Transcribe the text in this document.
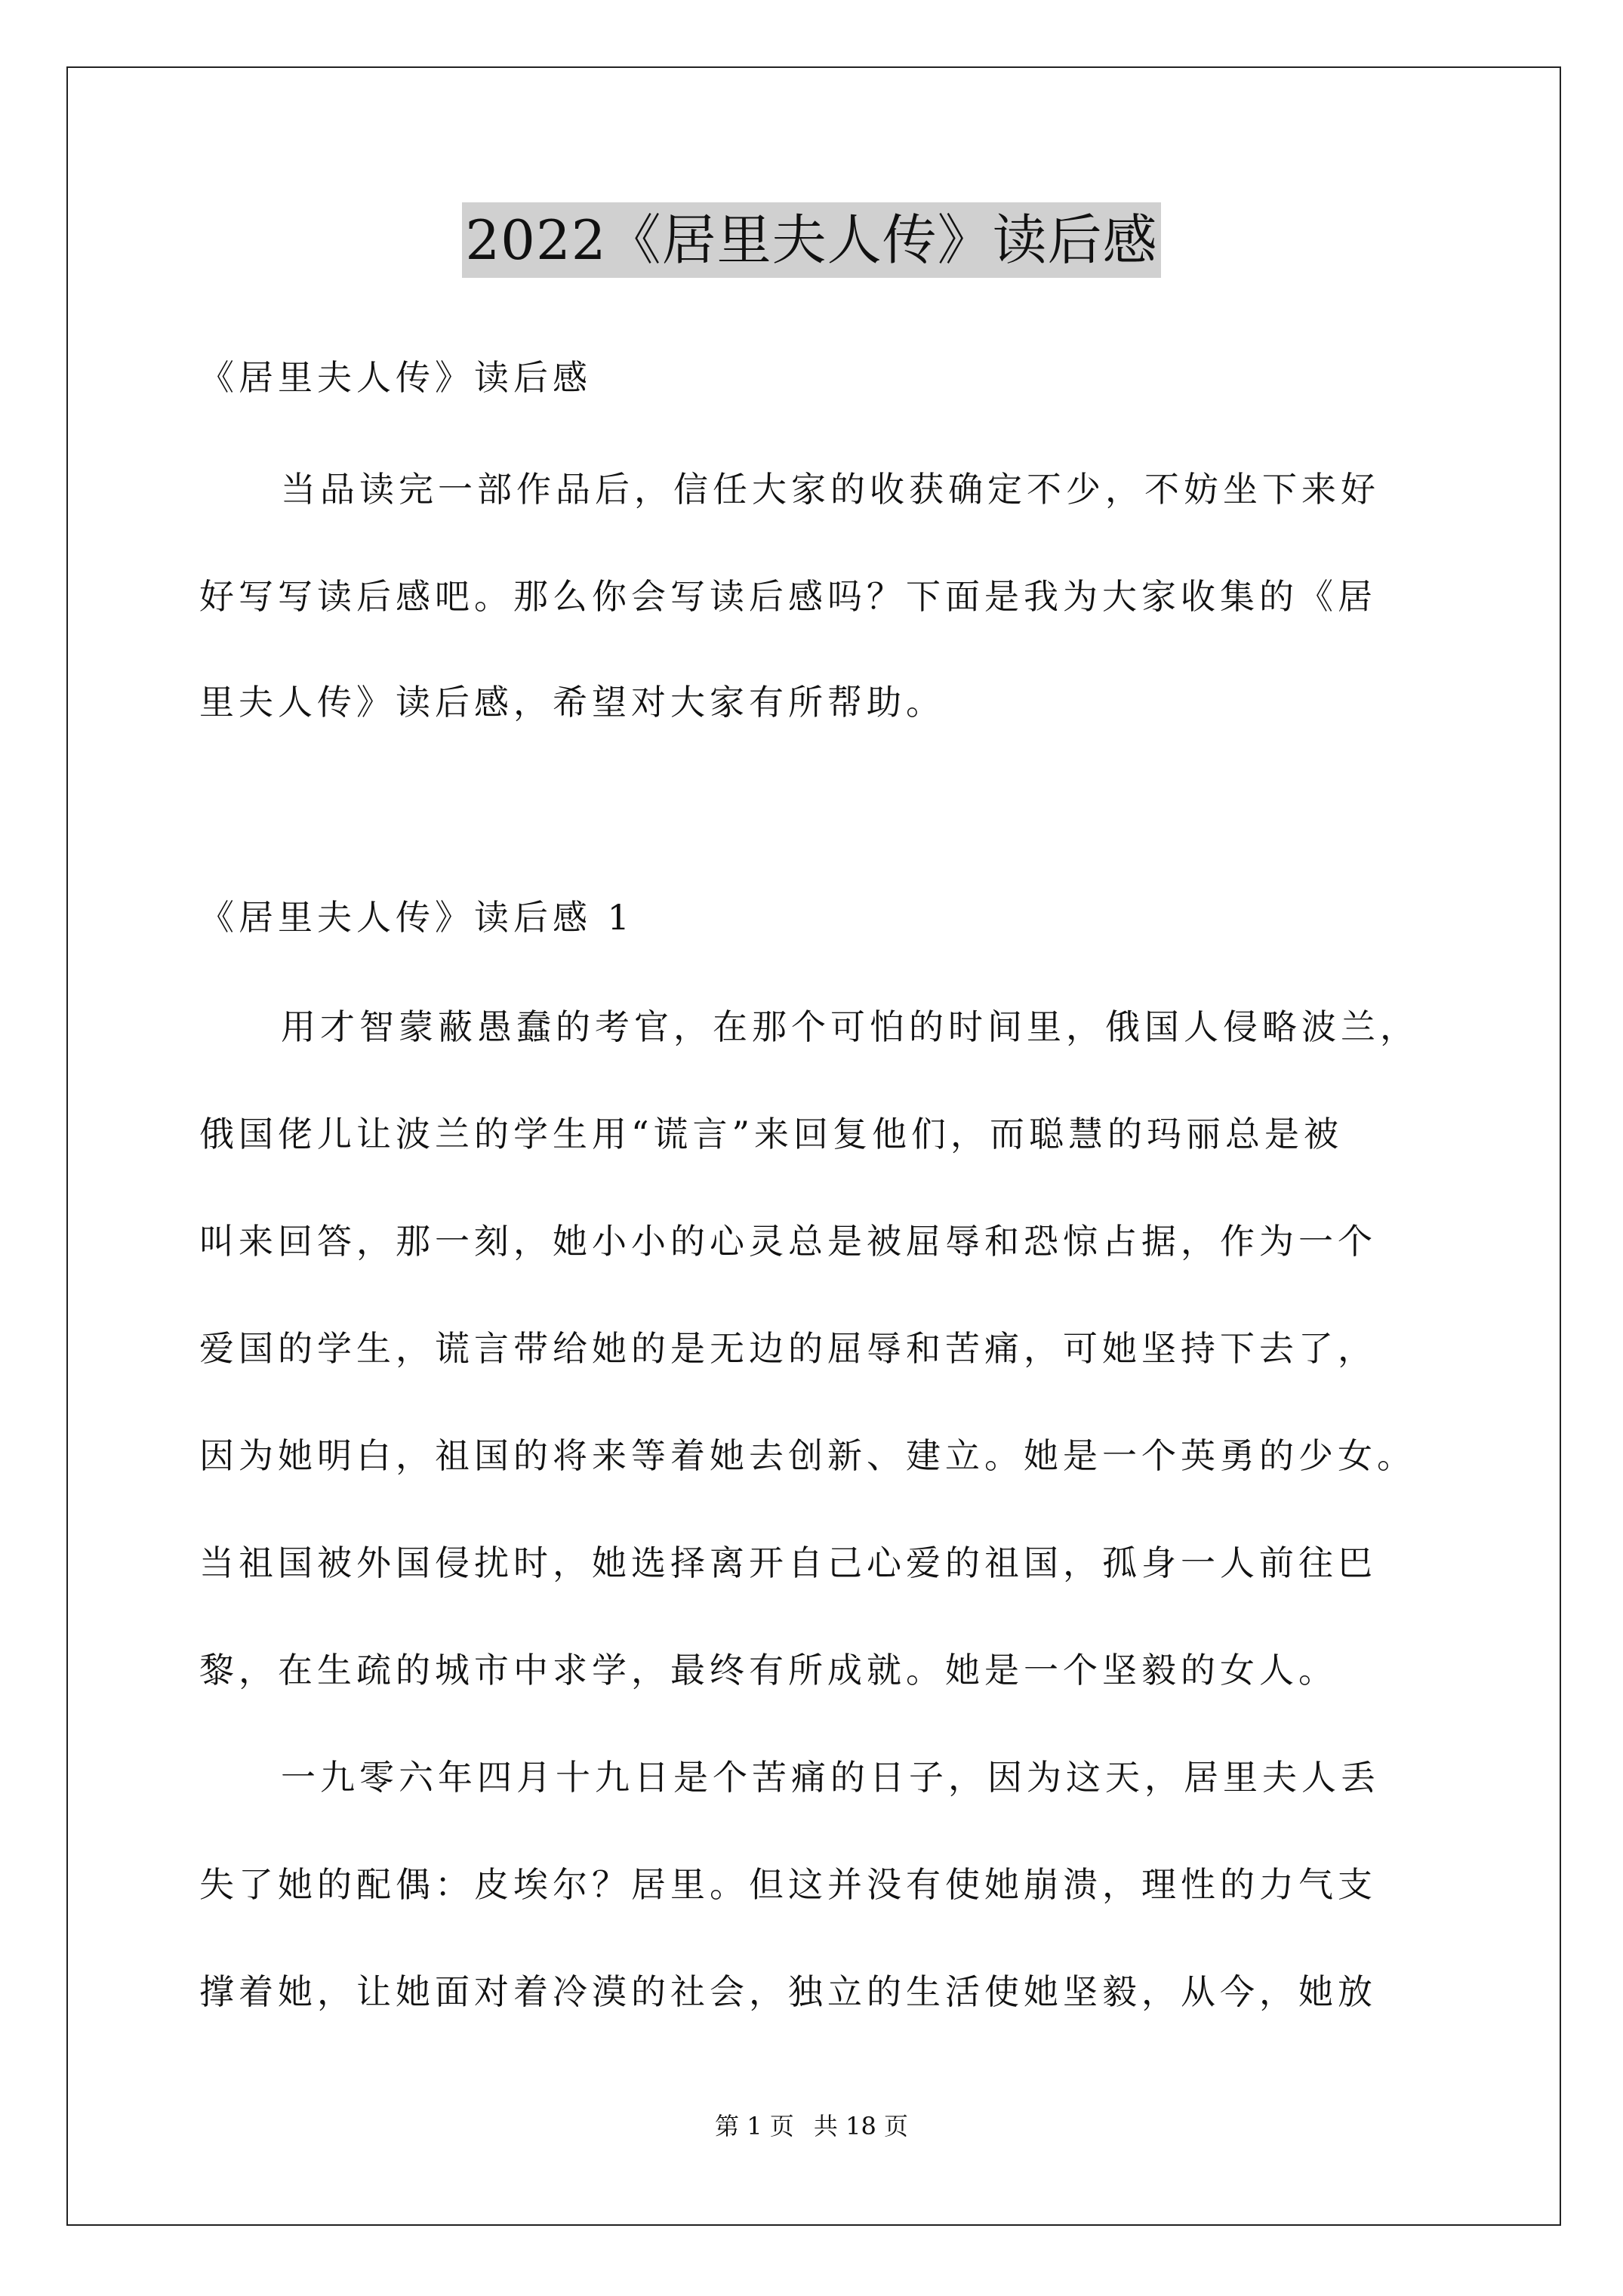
2022《居里夫人传》读后感
《居里夫人传》读后感
当品读完一部作品后，信任大家的收获确定不少，不妨坐下来好
好写写读后感吧。那么你会写读后感吗？下面是我为大家收集的《居
里夫人传》读后感，希望对大家有所帮助。
《居里夫人传》读后感 1
用才智蒙蔽愚蠢的考官，在那个可怕的时间里，俄国人侵略波兰，
俄国佬儿让波兰的学生用“谎言”来回复他们，而聪慧的玛丽总是被
叫来回答，那一刻，她小小的心灵总是被屈辱和恐惊占据，作为一个
爱国的学生，谎言带给她的是无边的屈辱和苦痛，可她坚持下去了，
因为她明白，祖国的将来等着她去创新、建立。她是一个英勇的少女。
当祖国被外国侵扰时，她选择离开自己心爱的祖国，孤身一人前往巴
黎，在生疏的城市中求学，最终有所成就。她是一个坚毅的女人。
一九零六年四月十九日是个苦痛的日子，因为这天，居里夫人丢
失了她的配偶：皮埃尔？居里。但这并没有使她崩溃，理性的力气支
撑着她，让她面对着冷漠的社会，独立的生活使她坚毅，从今，她放
第 1 页 共 18 页
